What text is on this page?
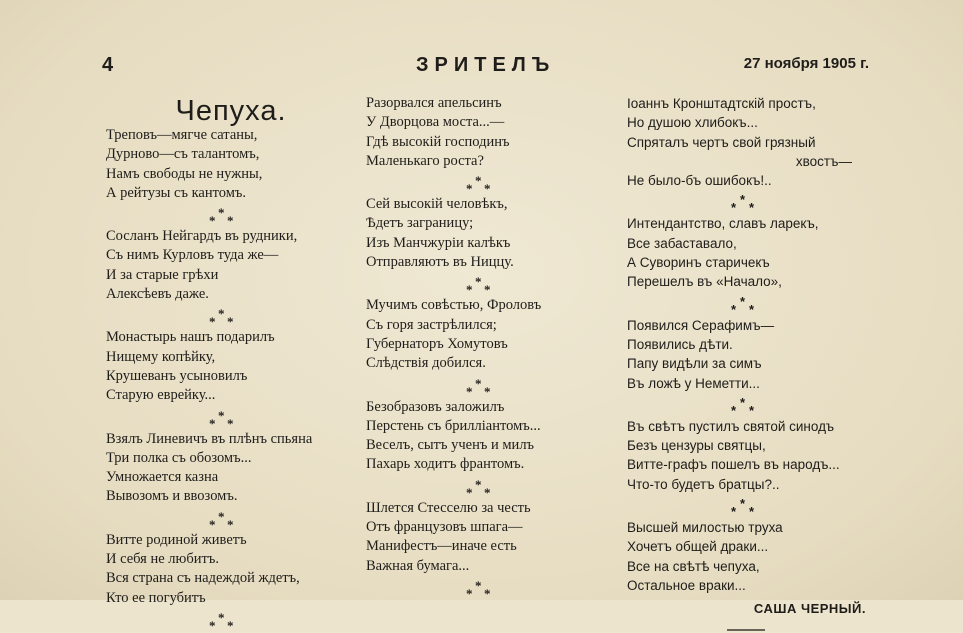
4	ЗРИТЕЛЪ	27 ноября 1905 г.
Чепуха.
Треповъ—мягче сатаны,
Дурново—съ талантомъ,
Намъ свободы не нужны,
А рейтузы съ кантомъ.
*
*
*
Сосланъ Нейгардъ въ рудники,
Съ нимъ Курловъ туда же—
И за старые грѣхи
Алексѣевъ даже.
*
*
*
Монастырь нашъ подарилъ
Нищему копѣйку,
Крушеванъ усыновилъ
Старую еврейку...
*
*
*
Взялъ Линевичъ въ плѣнъ спьяна
Три полка съ обозомъ...
Умножается казна
Вывозомъ и ввозомъ.
*
*
*
Витте родиной живетъ
И себя не любитъ.
Вся страна съ надеждой ждетъ,
Кто ее погубитъ
*
*
*
Разорвался апельсинъ
У Дворцова моста...—
Гдѣ высокій господинъ
Маленькаго роста?
*
*
*
Сей высокій человѣкъ,
Ѣдетъ заграницу;
Изъ Манчжуріи калѣкъ
Отправляютъ въ Ниццу.
*
*
*
Мучимъ совѣстью, Фроловъ
Съ горя застрѣлился;
Губернаторъ Хомутовъ
Слѣдствія добился.
*
*
*
Безобразовъ заложилъ
Перстень съ бриллiантомъ...
Веселъ, сытъ ученъ и милъ
Пахарь ходитъ франтомъ.
*
*
*
Шлется Стесселю за честь
Отъ французовъ шпага—
Манифестъ—иначе есть
Важная бумага...
*
*
*
Іоаннъ Кронштадтскій простъ,
Но душою хлибокъ...
Спряталъ чертъ свой грязный
хвостъ—
Не было-бъ ошибокъ!..
*
*
*
Интендантство, славъ ларекъ,
Все забаставало,
А Суворинъ старичекъ
Перешелъ въ «Начало»,
*
*
*
Появился Серафимъ—
Появились дѣти.
Папу видѣли за симъ
Въ ложѣ у Неметти...
*
*
*
Въ свѣтъ пустилъ святой синодъ
Безъ цензуры святцы,
Витте-графъ пошелъ въ народъ...
Что-то будетъ братцы?..
*
*
*
Высшей милостью труха
Хочетъ общей драки...
Все на свѣтѣ чепуха,
Остальное враки...
САША ЧЕРНЫЙ.
